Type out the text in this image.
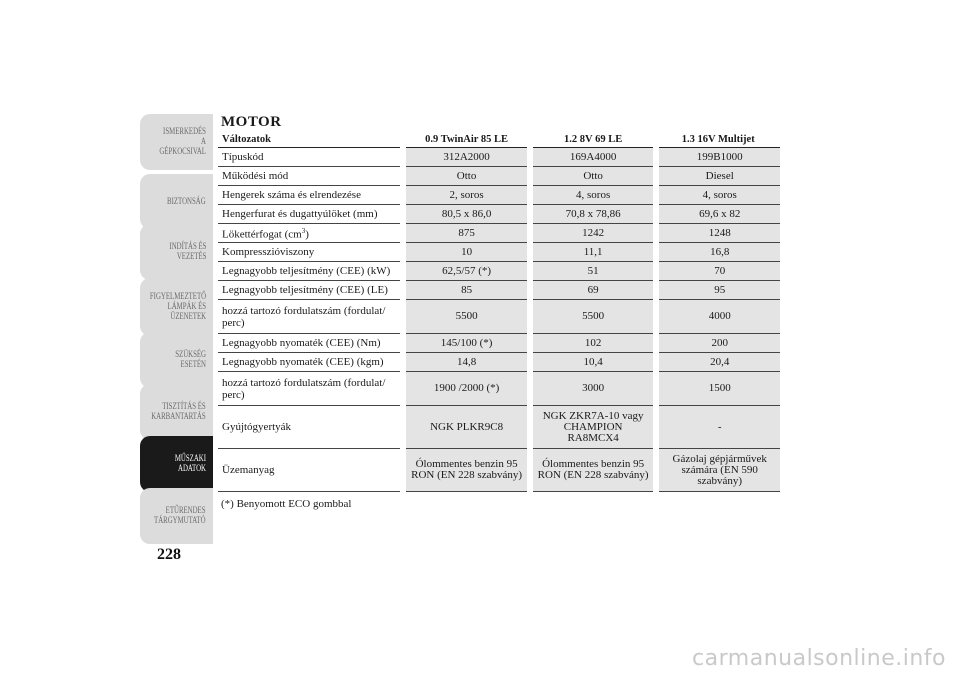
ISMERKEDÉS A
GÉPKOCSIVAL
BIZTONSÁG
INDÍTÁS ÉS
VEZETÉS
FIGYELMEZTETŐ
LÁMPÁK ÉS
ÜZENETEK
SZÜKSÉG ESETÉN
TISZTÍTÁS ÉS
KARBANTARTÁS
MŰSZAKI ADATOK
ETŰRENDES
TÁRGYMUTATÓ
228
MOTOR
Változatok	0.9 TwinAir 85 LE	1.2 8V 69 LE	1.3 16V Multijet
Típuskód	312A2000	169A4000	199B1000
Működési mód	Otto	Otto	Diesel
Hengerek száma és elrendezése	2, soros	4, soros	4, soros
Hengerfurat és dugattyúlöket (mm)	80,5 x 86,0	70,8 x 78,86	69,6 x 82
Lökettérfogat $(cm^3)$	875	1242	1248
Kompresszióviszony	10	11,1	16,8
Legnagyobb teljesítmény (CEE) (kW)	62,5/57 (*)	51	70
Legnagyobb teljesítmény (CEE) (LE)	85	69	95
hozzá tartozó fordulatszám (fordulat/ perc)	5500	5500	4000
Legnagyobb nyomaték (CEE) (Nm)	145/100 (*)	102	200
Legnagyobb nyomaték (CEE) (kgm)	14,8	10,4	20,4
hozzá tartozó fordulatszám (fordulat/ perc)	1900 /2000 (*)	3000	1500
Gyújtógyertyák	NGK PLKR9C8	NGK ZKR7A-10 vagy CHAMPION RA8MCX4	-
Üzemanyag	Ólommentes benzin 95 RON (EN 228 szabvány)	Ólommentes benzin 95 RON (EN 228 szabvány)	Gázolaj gépjárművek számára (EN 590 szabvány)
(*) Benyomott ECO gombbal
carmanualsonline.info
